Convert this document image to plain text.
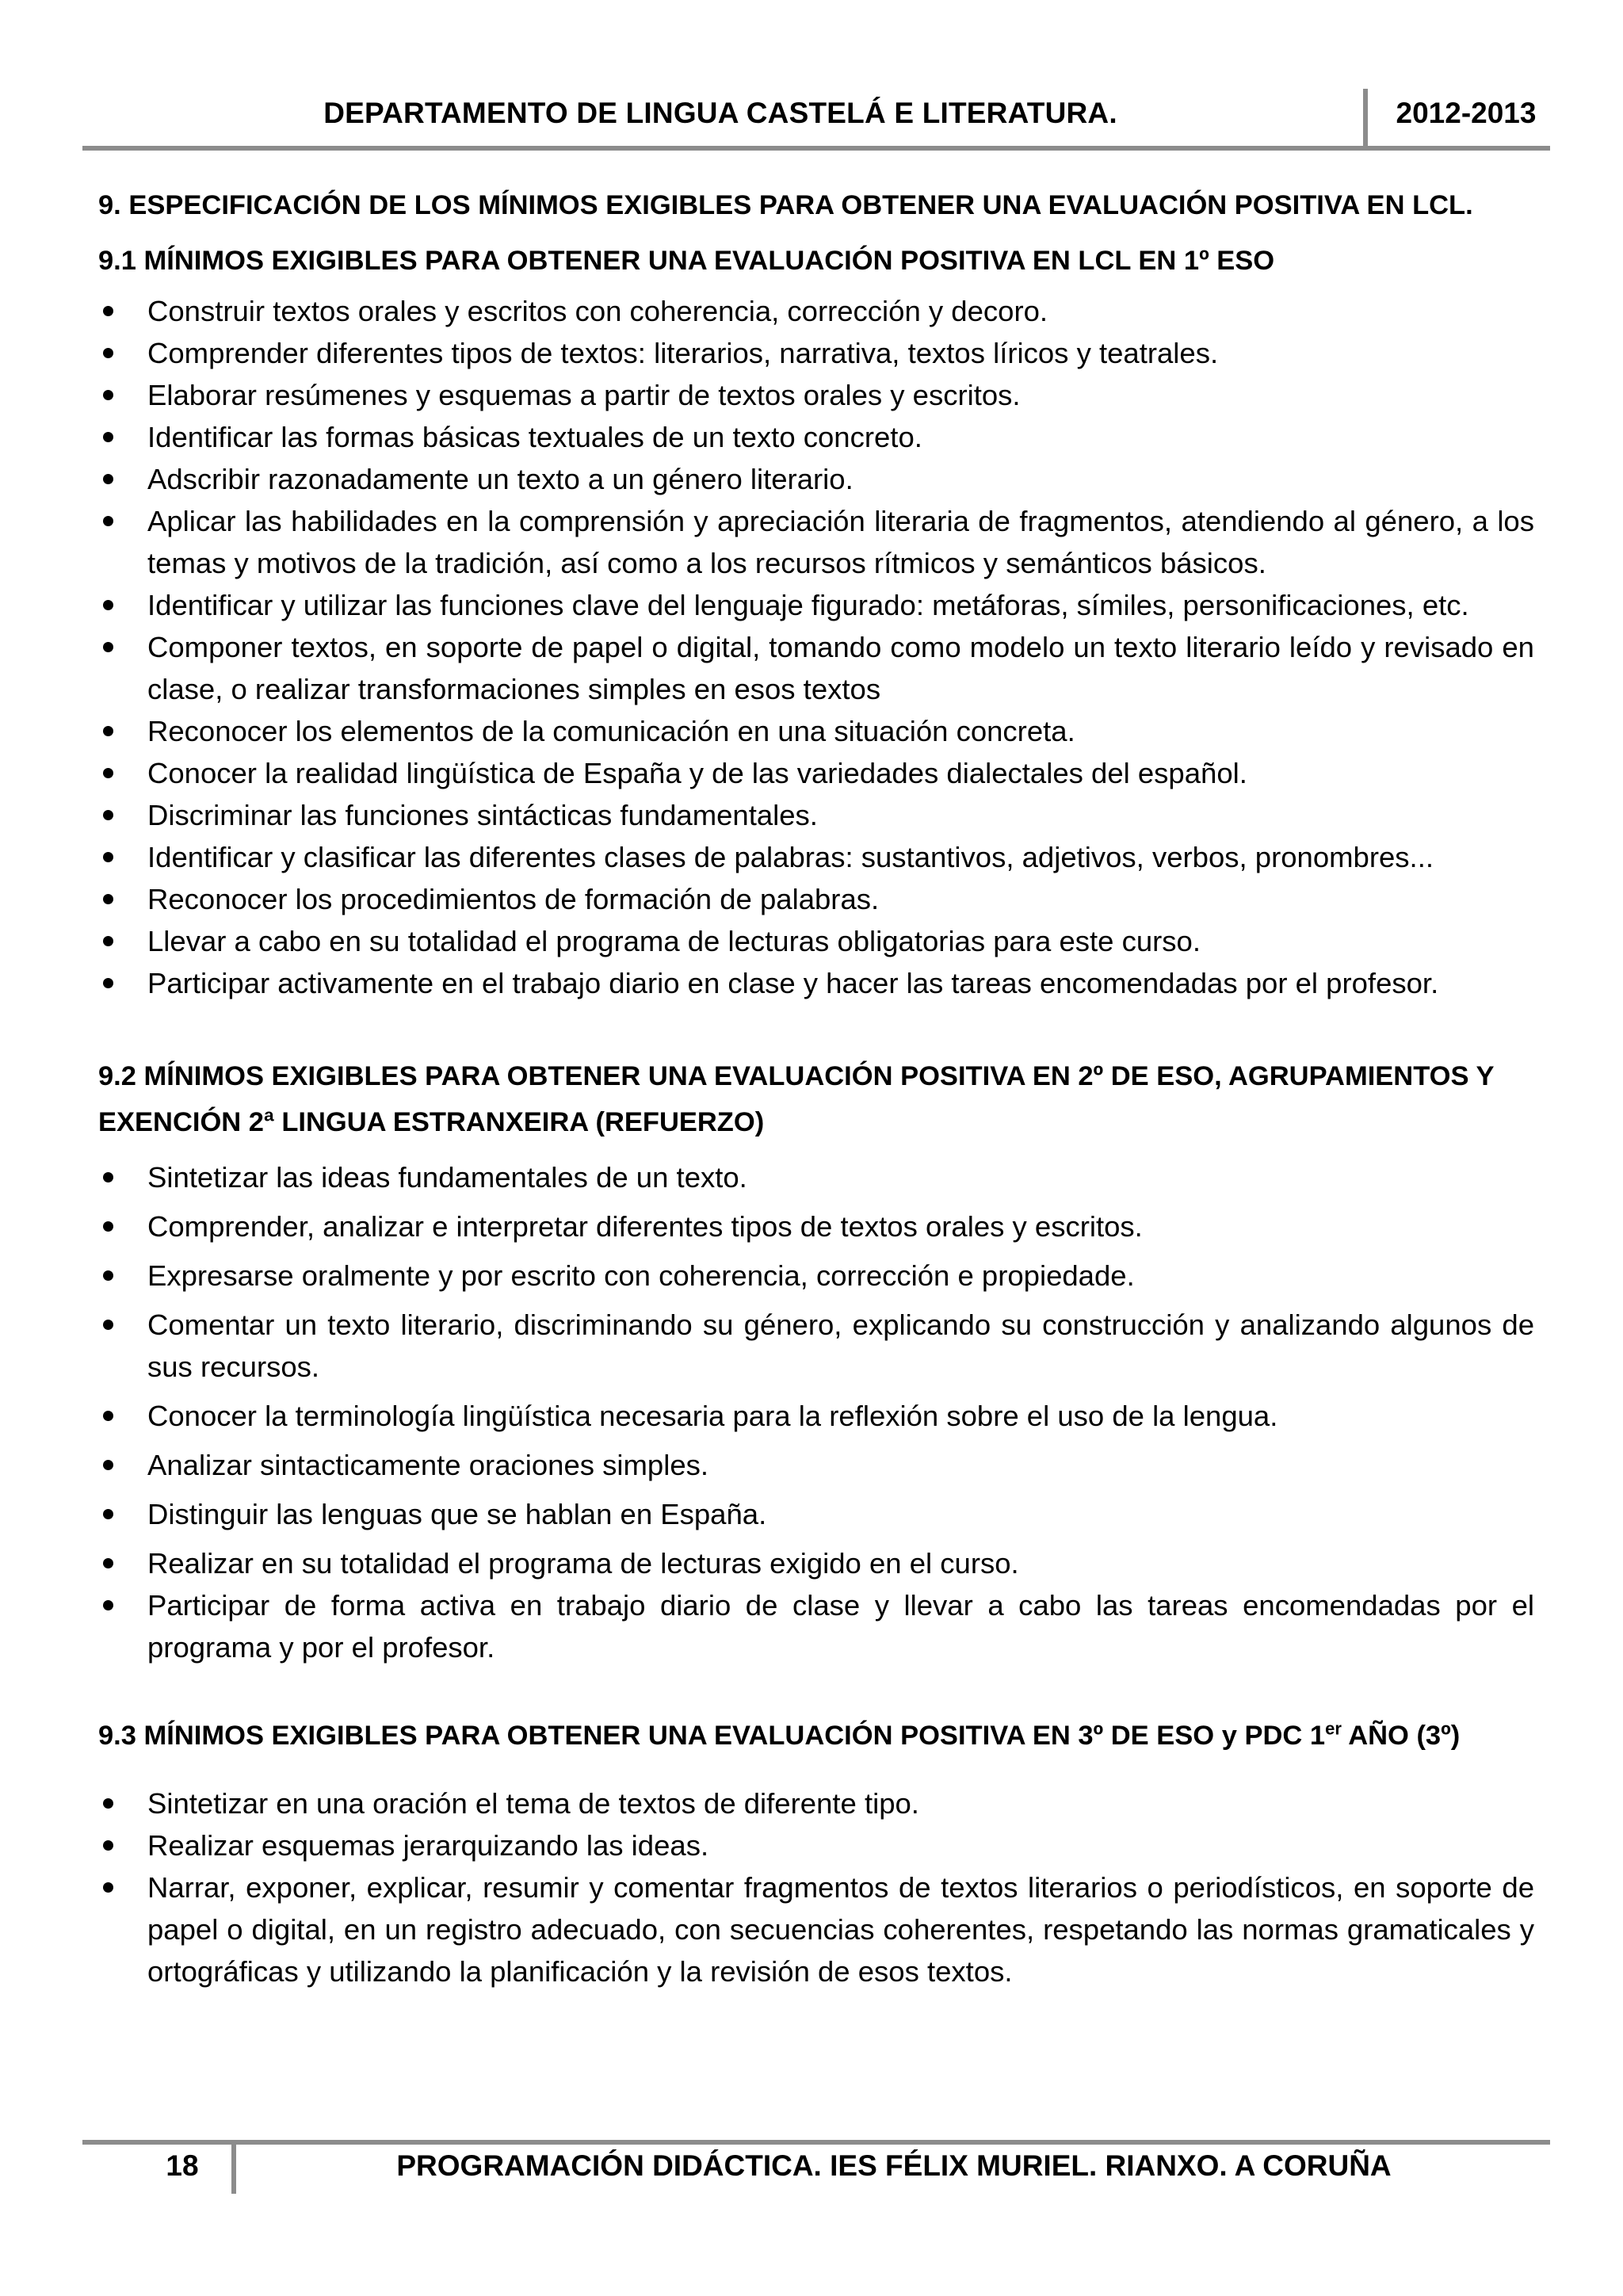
DEPARTAMENTO DE LINGUA CASTELÁ E LITERATURA.	2012-2013
9. ESPECIFICACIÓN DE LOS MÍNIMOS EXIGIBLES PARA OBTENER UNA EVALUACIÓN POSITIVA EN LCL.
9.1 MÍNIMOS EXIGIBLES PARA OBTENER UNA EVALUACIÓN POSITIVA EN LCL EN 1º ESO
Construir textos orales y escritos con coherencia, corrección y decoro.
Comprender diferentes tipos de textos: literarios, narrativa, textos líricos y teatrales.
Elaborar resúmenes y esquemas a partir de textos orales y escritos.
Identificar las formas básicas textuales de un texto concreto.
Adscribir razonadamente un texto a un género literario.
Aplicar las habilidades en la comprensión y apreciación literaria de fragmentos, atendiendo al género, a los temas y motivos de la tradición, así como a los recursos rítmicos y semánticos básicos.
Identificar y utilizar las funciones clave del lenguaje figurado: metáforas, símiles, personificaciones, etc.
Componer textos, en soporte de papel o digital, tomando como modelo un texto literario leído y revisado en clase, o realizar transformaciones simples en esos textos
Reconocer los elementos de la comunicación en una situación concreta.
Conocer la realidad lingüística de España y de las variedades dialectales del español.
Discriminar las funciones sintácticas fundamentales.
Identificar y clasificar las diferentes clases de palabras: sustantivos, adjetivos, verbos, pronombres...
Reconocer los procedimientos de formación de palabras.
Llevar a cabo en su totalidad el programa de lecturas obligatorias para este curso.
Participar activamente en el trabajo diario en clase y hacer las tareas encomendadas por el profesor.
9.2 MÍNIMOS EXIGIBLES PARA OBTENER UNA EVALUACIÓN POSITIVA EN 2º DE ESO, AGRUPAMIENTOS Y
EXENCIÓN 2ª LINGUA ESTRANXEIRA (REFUERZO)
Sintetizar las ideas fundamentales de un texto.
Comprender, analizar e interpretar diferentes tipos de textos orales y escritos.
Expresarse oralmente y por escrito con coherencia, corrección e propiedade.
Comentar un texto literario, discriminando su género, explicando su construcción y analizando algunos de sus recursos.
Conocer la terminología lingüística necesaria para la reflexión sobre el uso de la lengua.
Analizar sintacticamente oraciones simples.
Distinguir las lenguas que se hablan en España.
Realizar en su totalidad el programa de lecturas exigido en el curso.
Participar de forma activa en trabajo diario de clase y llevar a cabo las tareas encomendadas por el programa y por el profesor.
9.3 MÍNIMOS EXIGIBLES PARA OBTENER UNA EVALUACIÓN POSITIVA EN 3º DE ESO y PDC 1er AÑO (3º)
Sintetizar en una oración el tema de textos de diferente tipo.
Realizar esquemas jerarquizando las ideas.
Narrar, exponer, explicar, resumir y comentar fragmentos de textos literarios o periodísticos, en soporte de papel o digital, en un registro adecuado, con secuencias coherentes, respetando las normas gramaticales y ortográficas y utilizando la planificación y la revisión de esos textos.
18	PROGRAMACIÓN DIDÁCTICA. IES FÉLIX MURIEL. RIANXO. A CORUÑA
